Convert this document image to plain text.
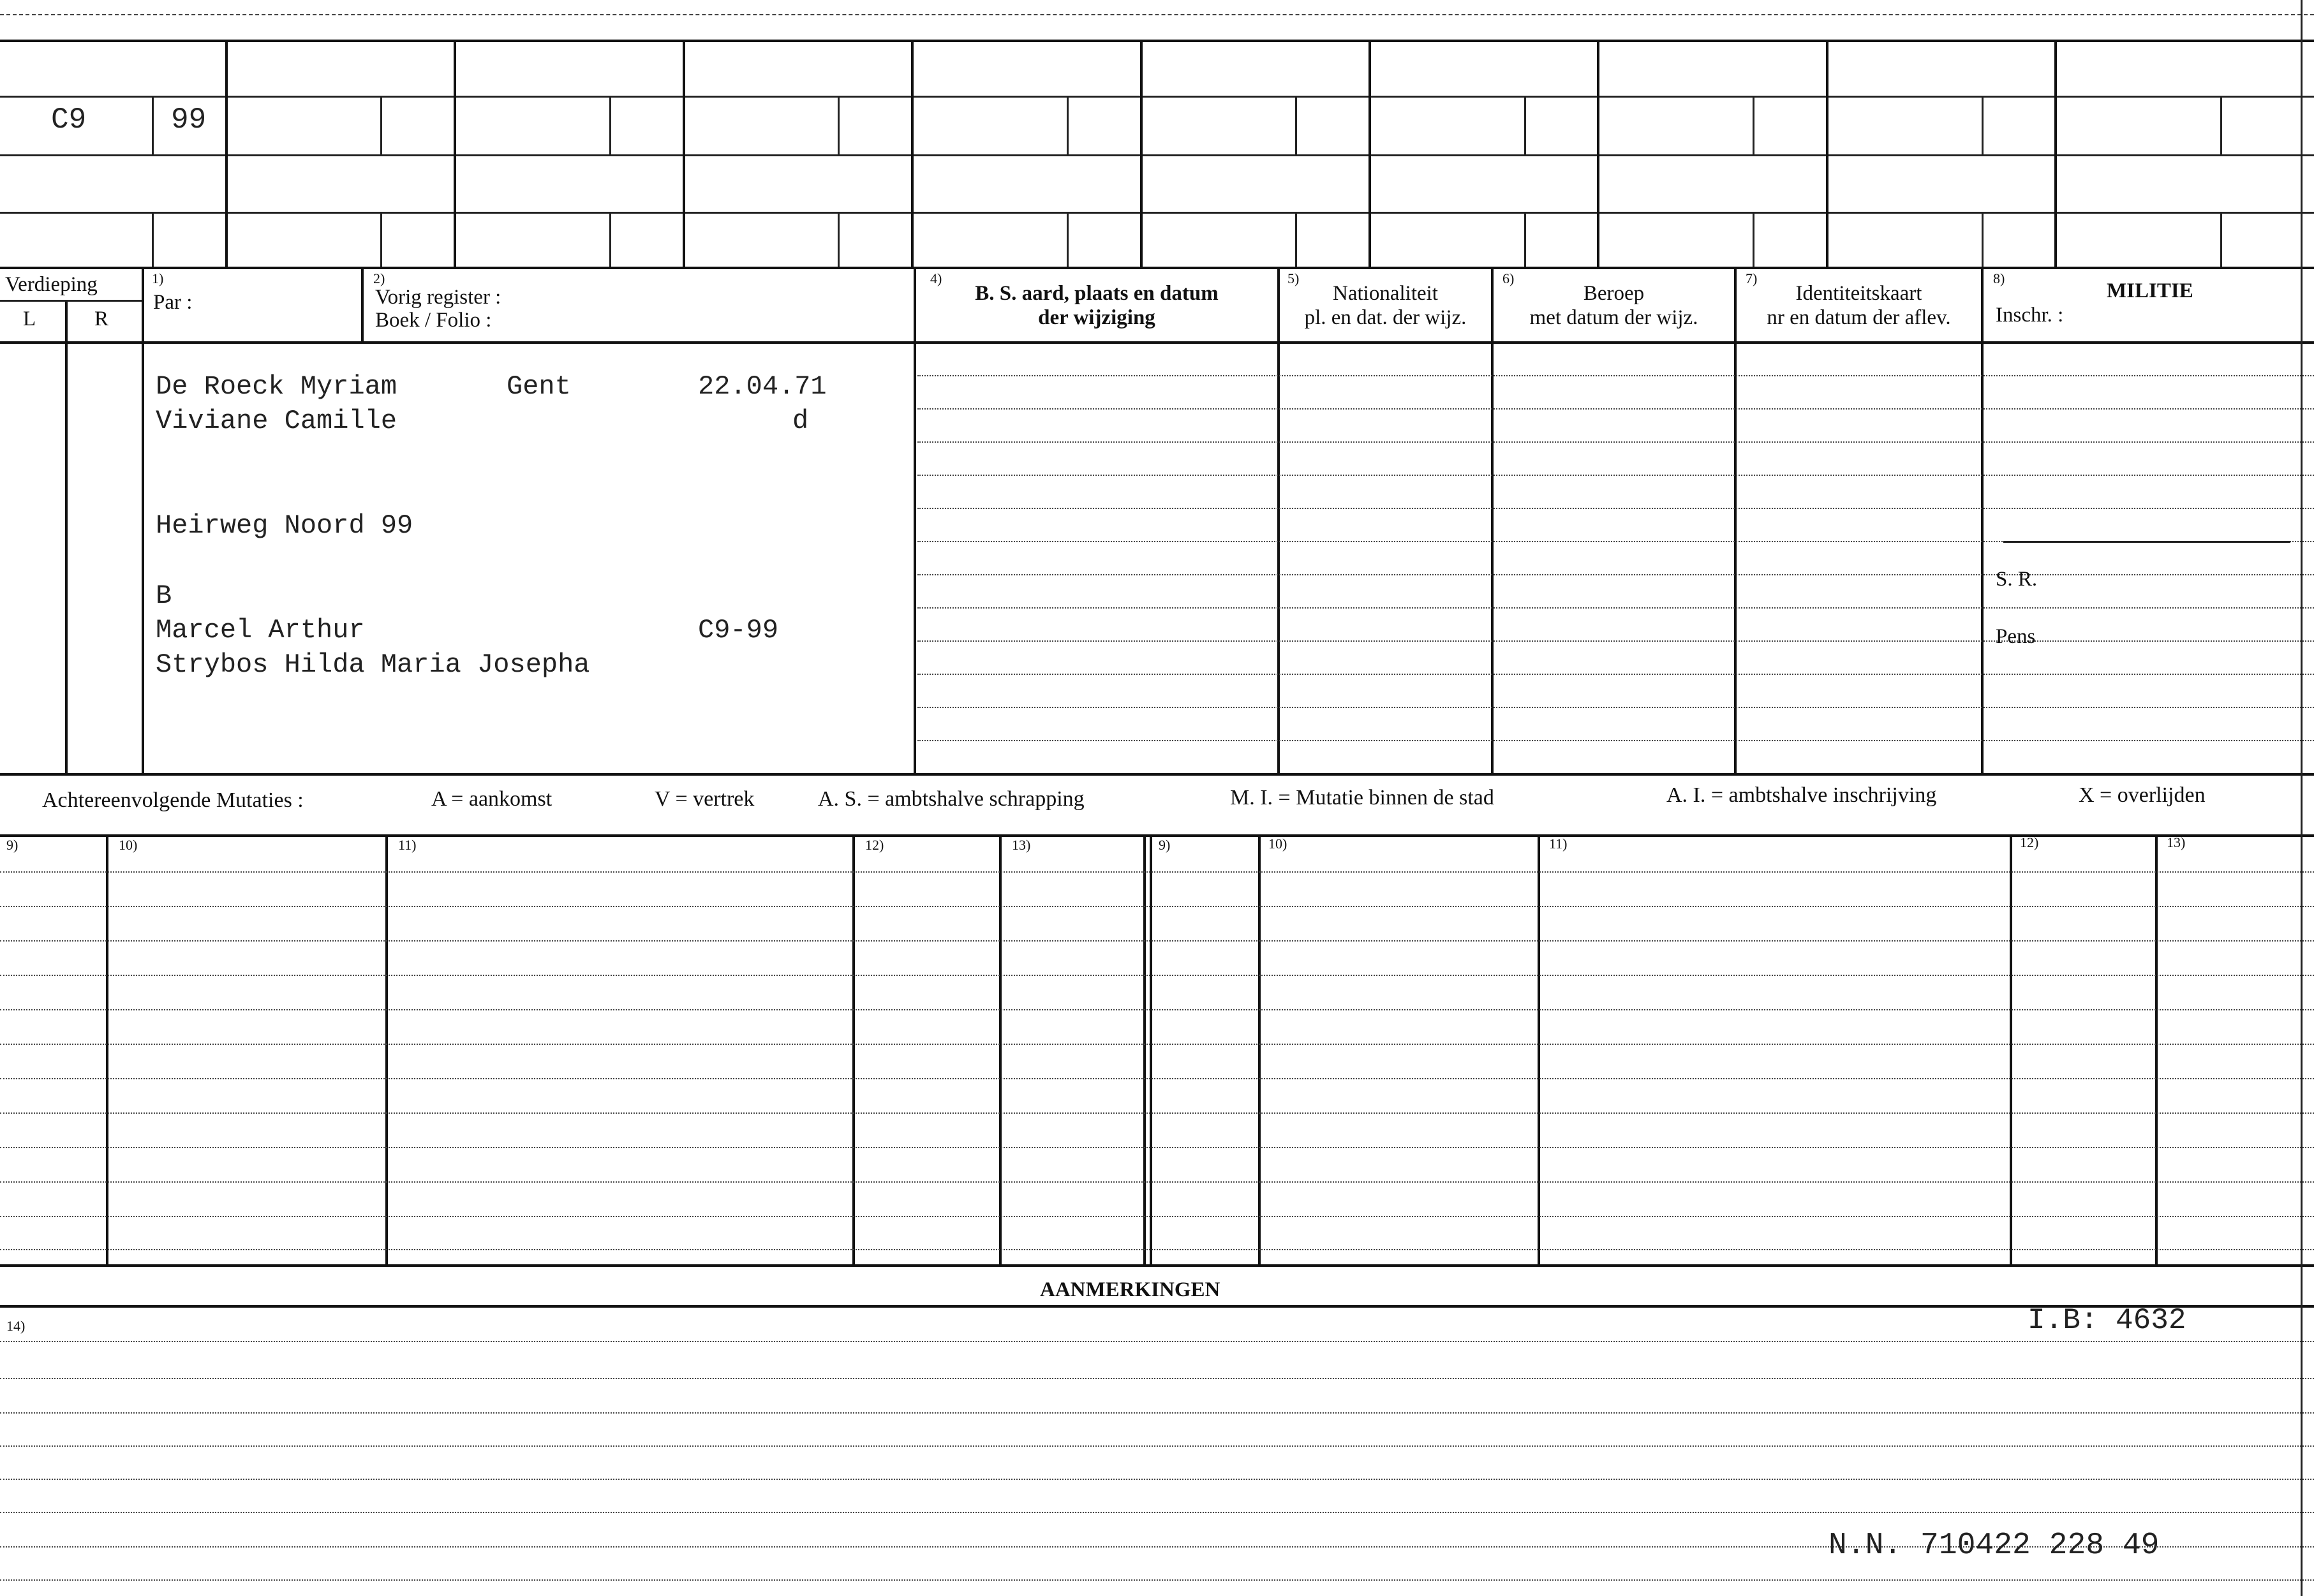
C9	99
Verdieping
L	R
1)
Par :
2)
Vorig register :
Boek / Folio :
4)
B. S. aard, plaats en datum
der wijziging
5)
Nationaliteit
pl. en dat. der wijz.
6)
Beroep
met datum der wijz.
7)
Identiteitskaart
nr en datum der aflev.
8)
MILITIE
Inschr. :
S. R.
Pens
De Roeck Myriam	Gent	22.04.71
Viviane Camille	d
Heirweg Noord 99
B
Marcel Arthur	C9-99
Strybos Hilda Maria Josepha
Achtereenvolgende Mutaties :	A = aankomst	V = vertrek	A. S. = ambtshalve schrapping	M. I. = Mutatie binnen de stad	A. I. = ambtshalve inschrijving	X = overlijden
9)	10)	11)	12)	13)	9)	10)	11)	12)	13)
AANMERKINGEN
14)	I.B: 4632
N.N. 710422 228 49
